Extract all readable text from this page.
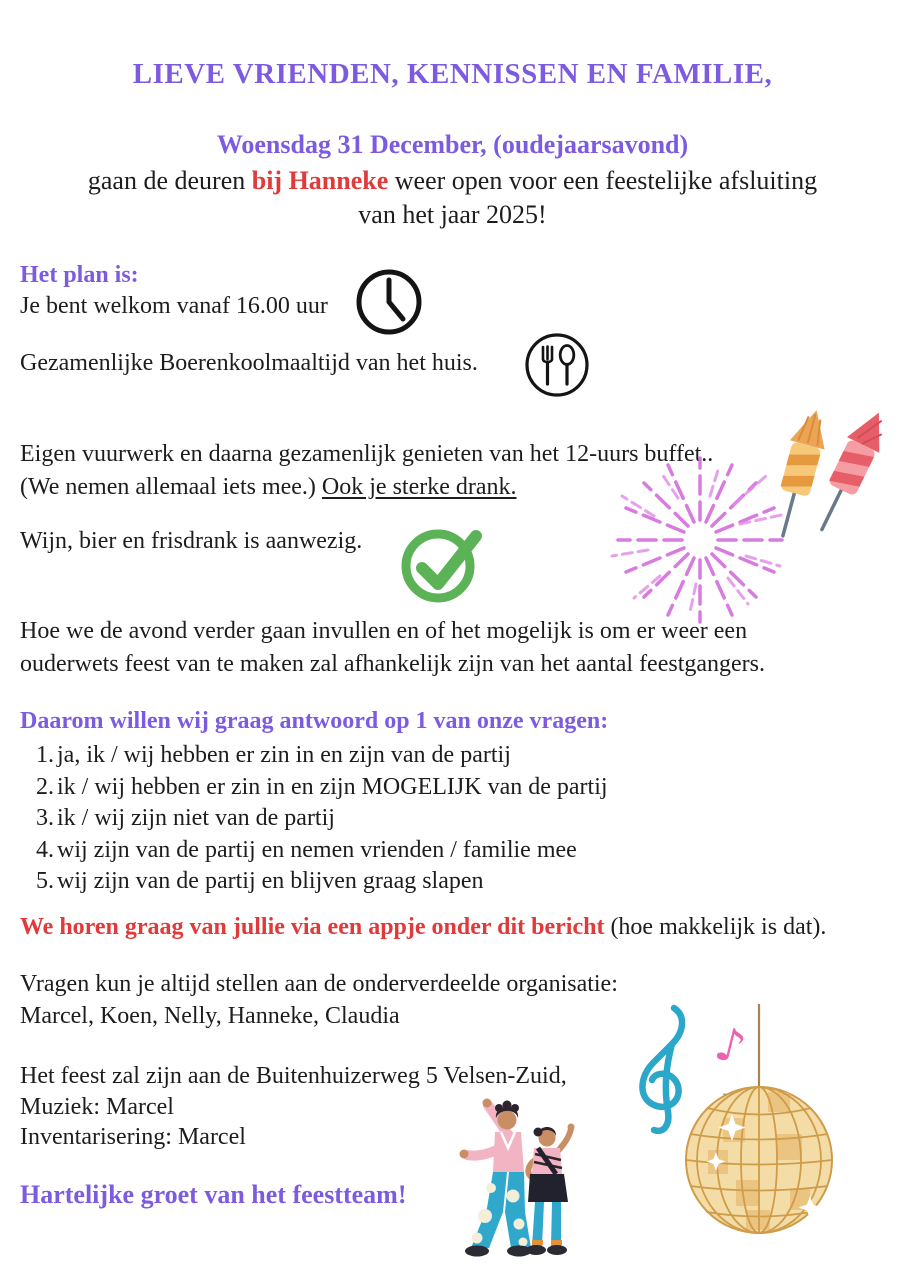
LIEVE VRIENDEN, KENNISSEN EN FAMILIE,
Woensdag 31 December, (oudejaarsavond)
gaan de deuren bij Hanneke weer open voor een feestelijke afsluiting
van het jaar 2025!
Het plan is:
Je bent welkom vanaf 16.00 uur
Gezamenlijke Boerenkoolmaaltijd van het huis.
Eigen vuurwerk en daarna gezamenlijk genieten van het 12-uurs buffet..
(We nemen allemaal iets mee.) Ook je sterke drank.
Wijn, bier en frisdrank is aanwezig.
Hoe we de avond verder gaan invullen en of het mogelijk is om er weer een
ouderwets feest van te maken zal afhankelijk zijn van het aantal feestgangers.
Daarom willen wij graag antwoord op 1 van onze vragen:
1. ja, ik / wij hebben er zin in en zijn van de partij
2. ik / wij hebben er zin in en zijn MOGELIJK van de partij
3. ik / wij zijn niet van de partij
4. wij zijn van de partij en nemen vrienden / familie mee
5. wij zijn van de partij en blijven graag slapen
We horen graag van jullie via een appje onder dit bericht (hoe makkelijk is dat).
Vragen kun je altijd stellen aan de onderverdeelde organisatie:
Marcel, Koen, Nelly, Hanneke, Claudia
Het feest zal zijn aan de Buitenhuizerweg 5 Velsen-Zuid,
Muziek: Marcel
Inventarisering: Marcel
Hartelijke groet van het feestteam!
♪
